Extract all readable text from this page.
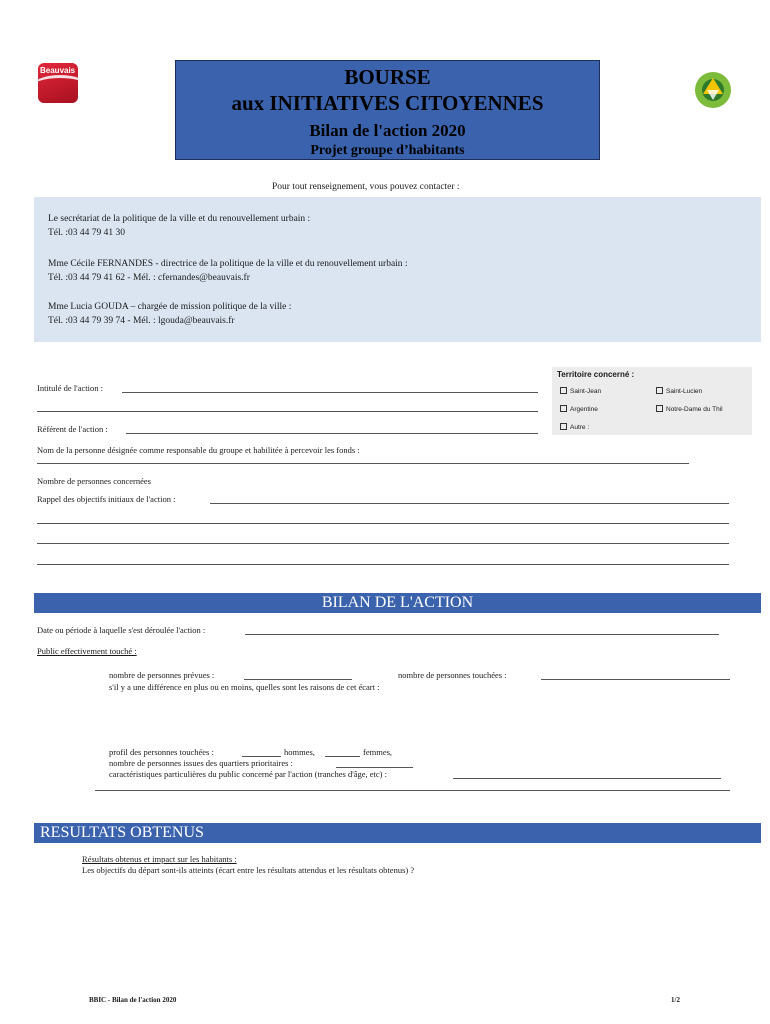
Beauvais	BOURSE
aux INITIATIVES CITOYENNES
Bilan de l'action 2020
Projet groupe d’habitants
Pour tout renseignement, vous pouvez contacter :
Le secrétariat de la politique de la ville et du renouvellement urbain :
Tél. :03 44 79 41 30
Mme Cécile FERNANDES - directrice de la politique de la ville et du renouvellement urbain :
Tél. :03 44 79 41 62 - Mél. : cfernandes@beauvais.fr
Mme Lucia GOUDA – chargée de mission politique de la ville :
Tél. :03 44 79 39 74 - Mél. : lgouda@beauvais.fr
Intitulé de l'action :
Référent de l'action :
Territoire concerné :
Saint-Jean	Saint-Lucien
Argentine	Notre-Dame du Thil
Autre :
Nom de la personne désignée comme responsable du groupe et habilitée à percevoir les fonds :
Nombre de personnes concernées
Rappel des objectifs initiaux de l'action :
BILAN DE L'ACTION
Date ou période à laquelle s'est déroulée l'action :
Public effectivement touché :
nombre de personnes prévues :	nombre de personnes touchées :
s'il y a une différence en plus ou en moins, quelles sont les raisons de cet écart :
profil des personnes touchées :	hommes,	femmes,
nombre de personnes issues des quartiers prioritaires :
caractéristiques particulières du public concerné par l'action (tranches d'âge, etc) :
RESULTATS OBTENUS
Résultats obtenus et impact sur les habitants :
Les objectifs du départ sont-ils atteints (écart entre les résultats attendus et les résultats obtenus) ?
BBIC - Bilan de l'action 2020	1/2
